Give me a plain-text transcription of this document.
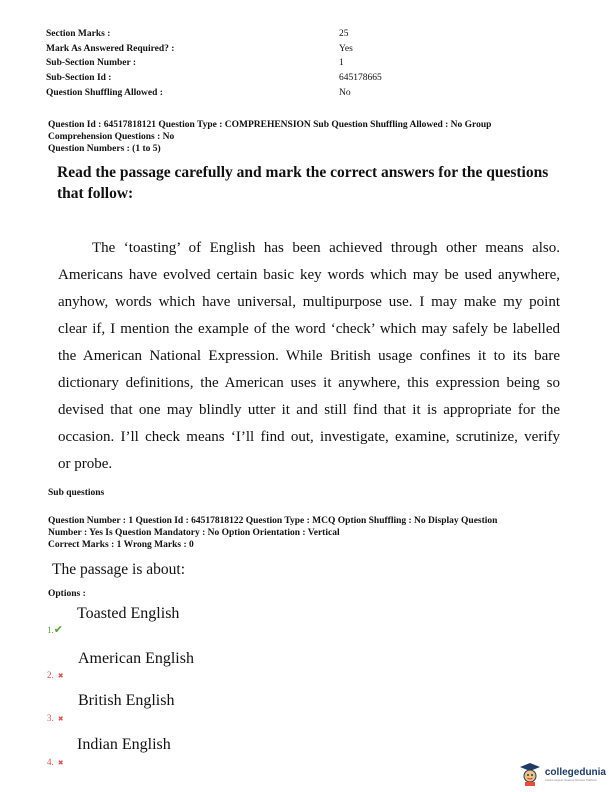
Section Marks :	25
Mark As Answered Required? :	Yes
Sub-Section Number :	1
Sub-Section Id :	645178665
Question Shuffling Allowed :	No
Question Id : 64517818121 Question Type : COMPREHENSION Sub Question Shuffling Allowed : No Group
Comprehension Questions : No
Question Numbers : (1 to 5)
Read the passage carefully and mark the correct answers for the questions
that follow:
The ‘toasting’ of English has been achieved through other means also.
Americans have evolved certain basic key words which may be used anywhere,
anyhow, words which have universal, multipurpose use. I may make my point
clear if, I mention the example of the word ‘check’ which may safely be labelled
the American National Expression. While British usage confines it to its bare
dictionary definitions, the American uses it anywhere, this expression being so
devised that one may blindly utter it and still find that it is appropriate for the
occasion. I’ll check means ‘I’ll find out, investigate, examine, scrutinize, verify
or probe.
Sub questions
Question Number : 1 Question Id : 64517818122 Question Type : MCQ Option Shuffling : No Display Question
Number : Yes Is Question Mandatory : No Option Orientation : Vertical
Correct Marks : 1 Wrong Marks : 0
The passage is about:
Options :
1.✔
Toasted English
2. ✖
American English
3. ✖
British English
4. ✖
Indian English
collegedunia
India's largest Student Review Platform
